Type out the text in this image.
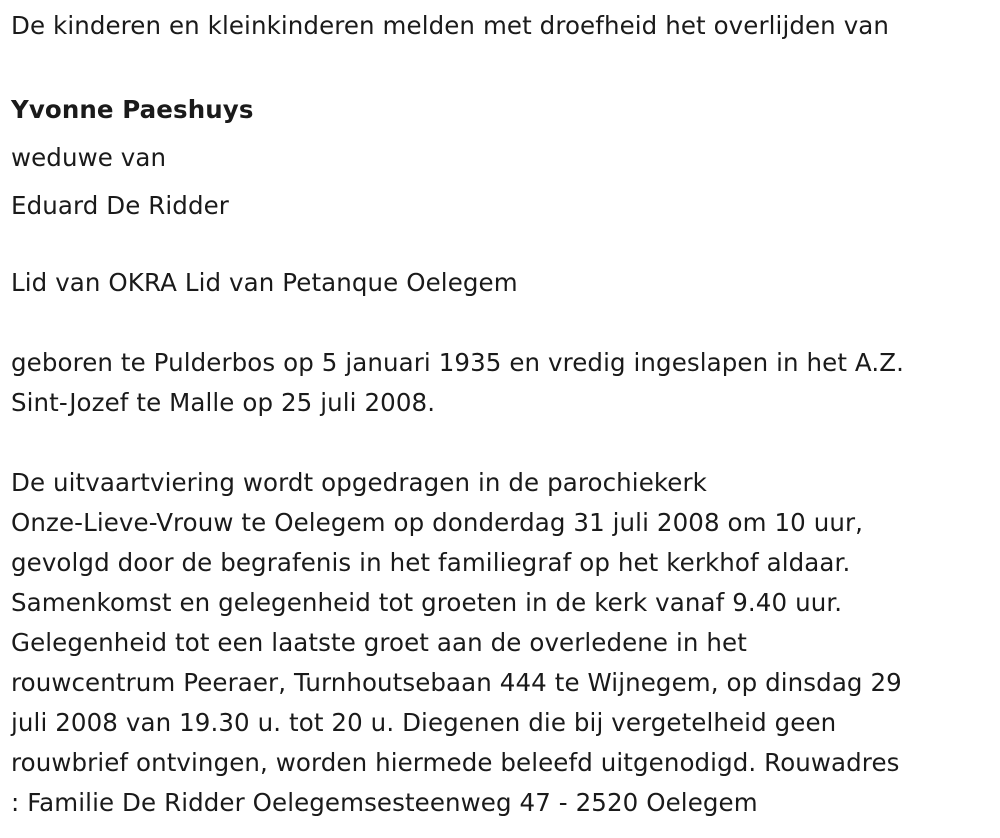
De kinderen en kleinkinderen melden met droefheid het overlijden van
Yvonne Paeshuys
weduwe van
Eduard De Ridder
Lid van OKRA Lid van Petanque Oelegem
geboren te Pulderbos op 5 januari 1935 en vredig ingeslapen in het A.Z.
Sint-Jozef te Malle op 25 juli 2008.
De uitvaartviering wordt opgedragen in de parochiekerk
Onze-Lieve-Vrouw te Oelegem op donderdag 31 juli 2008 om 10 uur,
gevolgd door de begrafenis in het familiegraf op het kerkhof aldaar.
Samenkomst en gelegenheid tot groeten in de kerk vanaf 9.40 uur.
Gelegenheid tot een laatste groet aan de overledene in het
rouwcentrum Peeraer, Turnhoutsebaan 444 te Wijnegem, op dinsdag 29
juli 2008 van 19.30 u. tot 20 u. Diegenen die bij vergetelheid geen
rouwbrief ontvingen, worden hiermede beleefd uitgenodigd. Rouwadres
: Familie De Ridder Oelegemsesteenweg 47 - 2520 Oelegem
